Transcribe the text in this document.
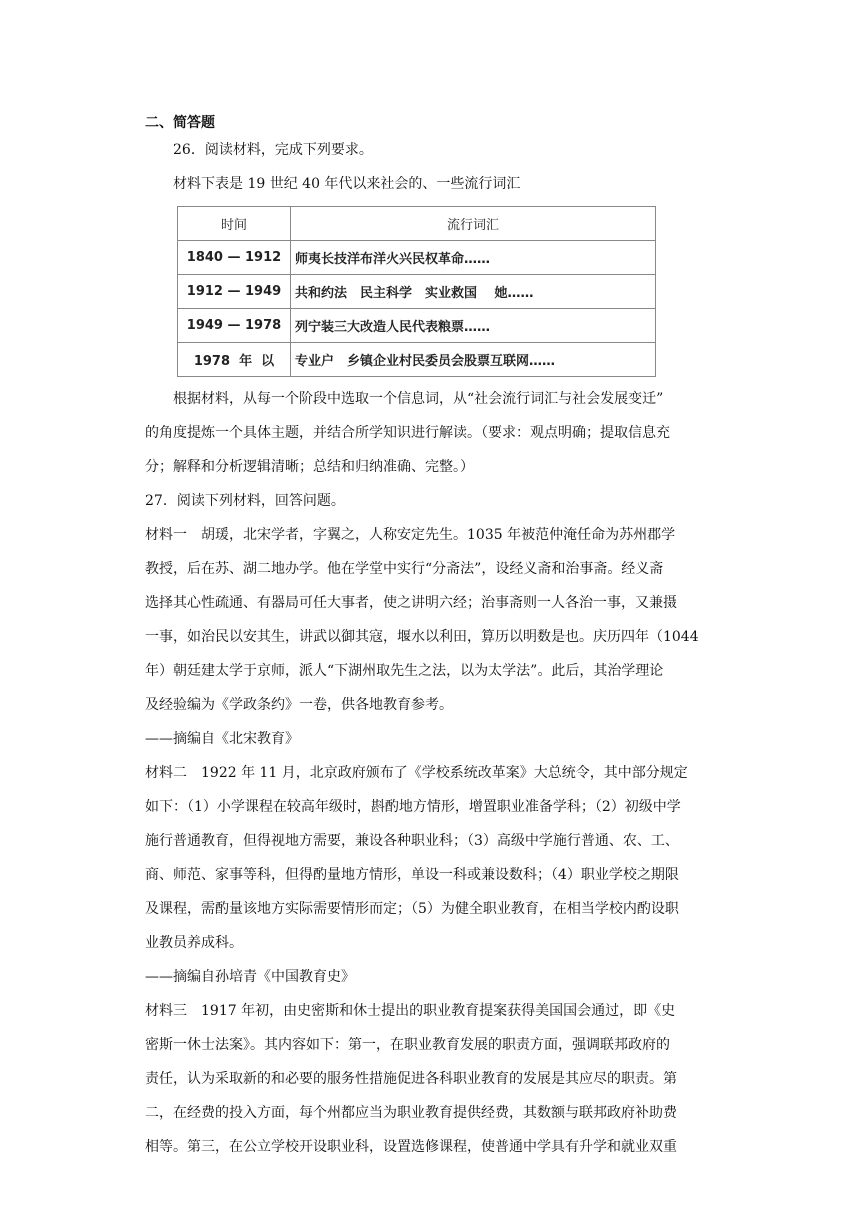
二、简答题
26．阅读材料，完成下列要求。
材料下表是 19 世纪 40 年代以来社会的、一些流行词汇
时间	流行词汇
1840 — 1912	师夷长技洋布洋火兴民权革命……
1912 — 1949	共和约法　民主科学　实业救国　 她……
1949 — 1978	列宁装三大改造人民代表粮票……
1978  年  以	专业户　乡镇企业村民委员会股票互联网……
根据材料，从每一个阶段中选取一个信息词，从“社会流行词汇与社会发展变迁”
的角度提炼一个具体主题，并结合所学知识进行解读。（要求：观点明确；提取信息充
分；解释和分析逻辑清晰；总结和归纳准确、完整。）
27．阅读下列材料，回答问题。
材料一　胡瑗，北宋学者，字翼之，人称安定先生。1035 年被范仲淹任命为苏州郡学
教授，后在苏、湖二地办学。他在学堂中实行“分斋法”，设经义斋和治事斋。经义斋
选择其心性疏通、有器局可任大事者，使之讲明六经；治事斋则一人各治一事，又兼摄
一事，如治民以安其生，讲武以御其寇，堰水以利田，算历以明数是也。庆历四年（1044
年）朝廷建太学于京师，派人“下湖州取先生之法，以为太学法”。此后，其治学理论
及经验编为《学政条约》一卷，供各地教育参考。
——摘编自《北宋教育》
材料二　1922 年 11 月，北京政府颁布了《学校系统改革案》大总统令，其中部分规定
如下：（1）小学课程在较高年级时，斟酌地方情形，增置职业准备学科；（2）初级中学
施行普通教育，但得视地方需要，兼设各种职业科；（3）高级中学施行普通、农、工、
商、师范、家事等科，但得酌量地方情形，单设一科或兼设数科；（4）职业学校之期限
及课程，需酌量该地方实际需要情形而定；（5）为健全职业教育，在相当学校内酌设职
业教员养成科。
——摘编自孙培青《中国教育史》
材料三　1917 年初，由史密斯和休士提出的职业教育提案获得美国国会通过，即《史
密斯一休士法案》。其内容如下：第一，在职业教育发展的职责方面，强调联邦政府的
责任，认为采取新的和必要的服务性措施促进各科职业教育的发展是其应尽的职责。第
二，在经费的投入方面，每个州都应当为职业教育提供经费，其数额与联邦政府补助费
相等。第三，在公立学校开设职业科，设置选修课程，使普通中学具有升学和就业双重
